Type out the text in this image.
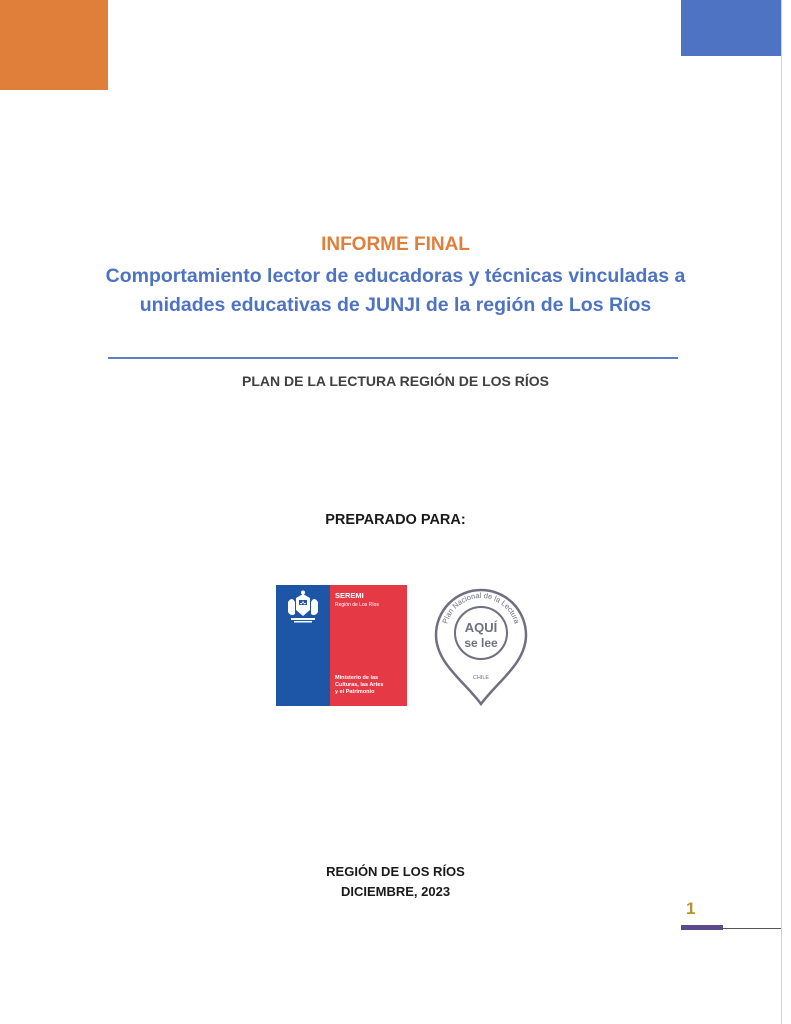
INFORME FINAL
Comportamiento lector de educadoras y técnicas vinculadas a unidades educativas de JUNJI de la región de Los Ríos
PLAN DE LA LECTURA REGIÓN DE LOS RÍOS
PREPARADO PARA:
SEREMI
Región de Los Ríos
Ministerio de las
Culturas, las Artes
y el Patrimonio
Plan Nacional de la Lectura
AQUÍ
se lee
CHILE
REGIÓN DE LOS RÍOS
DICIEMBRE, 2023
1
